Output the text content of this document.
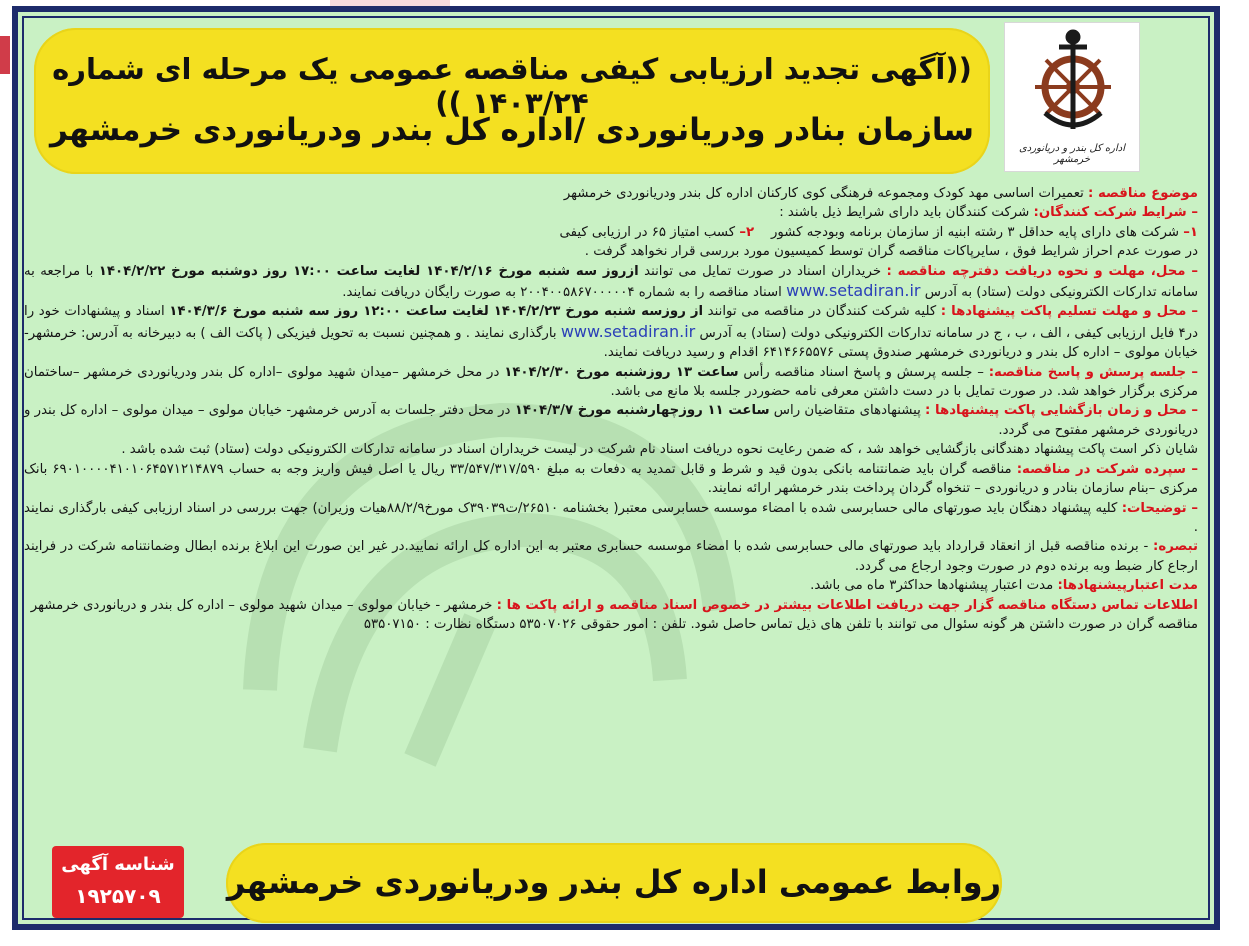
اداره کل بندر و دریانوردی خرمشهر
((آگهی تجدید ارزیابی کیفی مناقصه عمومی یک مرحله ای شماره ۱۴۰۳/۲۴ ))
سازمان بنادر ودریانوردی /اداره کل بندر ودریانوردی خرمشهر

موضوع مناقصه : تعمیرات اساسی مهد کودک ومجموعه فرهنگی کوی کارکنان اداره کل بندر ودریانوردی خرمشهر

– شرایط شرکت کنندگان: شرکت کنندگان باید دارای شرایط ذیل باشند :

۱– شرکت های دارای پایه حداقل ۳ رشته ابنیه از سازمان برنامه وبودجه کشور    ۲– کسب امتیاز ۶۵ در ارزیابی کیفی

در صورت عدم احراز شرایط فوق ، سایرپاکات مناقصه گران توسط کمیسیون مورد بررسی قرار نخواهد گرفت .

– محل، مهلت و نحوه دریافت دفترچه مناقصه : خریداران اسناد در صورت تمایل می توانند ازروز سه شنبه مورخ ۱۴۰۴/۲/۱۶ لغایت ساعت ۱۷:۰۰ روز دوشنبه مورخ ۱۴۰۴/۲/۲۲ با مراجعه به سامانه تدارکات الکترونیکی دولت (ستاد) به آدرس www.setadiran.ir اسناد مناقصه را به شماره ۲۰۰۴۰۰۵۸۶۷۰۰۰۰۰۴ به صورت رایگان دریافت نمایند.

– محل و مهلت تسلیم پاکت پیشنهادها : کلیه شرکت کنندگان در مناقصه می توانند از روزسه شنبه مورخ ۱۴۰۴/۲/۲۳ لغایت ساعت ۱۲:۰۰ روز سه شنبه مورخ ۱۴۰۴/۳/۶ اسناد و پیشنهادات خود را در۴ فایل ارزیابی کیفی ، الف ، ب ، ج در سامانه تدارکات الکترونیکی دولت (ستاد) به آدرس www.setadiran.ir بارگذاری نمایند . و همچنین نسبت به تحویل فیزیکی ( پاکت الف ) به دبیرخانه به آدرس: خرمشهر- خیابان مولوی – اداره کل بندر و دریانوردی خرمشهر صندوق پستی ۶۴۱۴۶۶۵۵۷۶ اقدام و رسید دریافت نمایند.

– جلسه پرسش و پاسخ مناقصه: – جلسه پرسش و پاسخ اسناد مناقصه رأس ساعت ۱۳ روزشنبه مورخ ۱۴۰۴/۲/۳۰ در محل خرمشهر –میدان شهید مولوی –اداره کل بندر ودریانوردی خرمشهر –ساختمان مرکزی برگزار خواهد شد. در صورت تمایل با در دست داشتن معرفی نامه حضوردر جلسه بلا مانع می باشد.

– محل و زمان بازگشایی پاکت پیشنهادها : پیشنهادهای متقاضیان راس ساعت ۱۱ روزچهارشنبه مورخ ۱۴۰۴/۳/۷ در محل دفتر جلسات به آدرس خرمشهر- خیابان مولوی – میدان مولوی – اداره کل بندر و دریانوردی خرمشهر مفتوح می گردد.

شایان ذکر است پاکت پیشنهاد دهندگانی بازگشایی خواهد شد ، که ضمن رعایت نحوه دریافت اسناد نام شرکت در لیست خریداران اسناد در سامانه تدارکات الکترونیکی دولت (ستاد) ثبت شده باشد .

– سپرده شرکت در مناقصه: مناقصه گران باید ضمانتنامه بانکی بدون قید و شرط و قابل تمدید به دفعات به مبلغ ۳۳/۵۴۷/۳۱۷/۵۹۰ ریال یا اصل فیش واریز وجه به حساب ۶۹۰۱۰۰۰۰۴۱۰۱۰۶۴۵۷۱۲۱۴۸۷۹ بانک مرکزی –بنام سازمان بنادر و دریانوردی – تنخواه گردان پرداخت بندر خرمشهر ارائه نمایند.

– توضیحات: کلیه پیشنهاد دهنگان باید صورتهای مالی حسابرسی شده با امضاء موسسه حسابرسی معتبر( بخشنامه ۲۶۵۱۰/ت۳۹۰۳۹ک مورخ۸۸/۲/۹هیات وزیران) جهت بررسی در اسناد ارزیابی کیفی بارگذاری نمایند .

تبصره: - برنده مناقصه قبل از انعقاد قرارداد باید صورتهای مالی حسابرسی شده با امضاء موسسه حسابری معتبر به این اداره کل ارائه نمایید.در غیر این صورت این ابلاغ برنده ابطال وضمانتنامه شرکت در فرایند ارجاع کار ضبط وبه برنده دوم در صورت وجود ارجاع می گردد.

مدت اعتبارپیشنهادها: مدت اعتبار پیشنهادها حداکثر۳ ماه می باشد.

اطلاعات تماس دستگاه مناقصه گزار جهت دریافت اطلاعات بیشتر در خصوص اسناد مناقصه و ارائه پاکت ها : خرمشهر - خیابان مولوی – میدان شهید مولوی – اداره کل بندر و دریانوردی خرمشهر

مناقصه گران در صورت داشتن هر گونه سئوال می توانند با تلفن های ذیل تماس حاصل شود. تلفن : امور حقوقی ۵۳۵۰۷۰۲۶ دستگاه نظارت : ۵۳۵۰۷۱۵۰

روابط عمومی اداره کل بندر ودریانوردی خرمشهر
شناسه آگهی
۱۹۲۵۷۰۹
